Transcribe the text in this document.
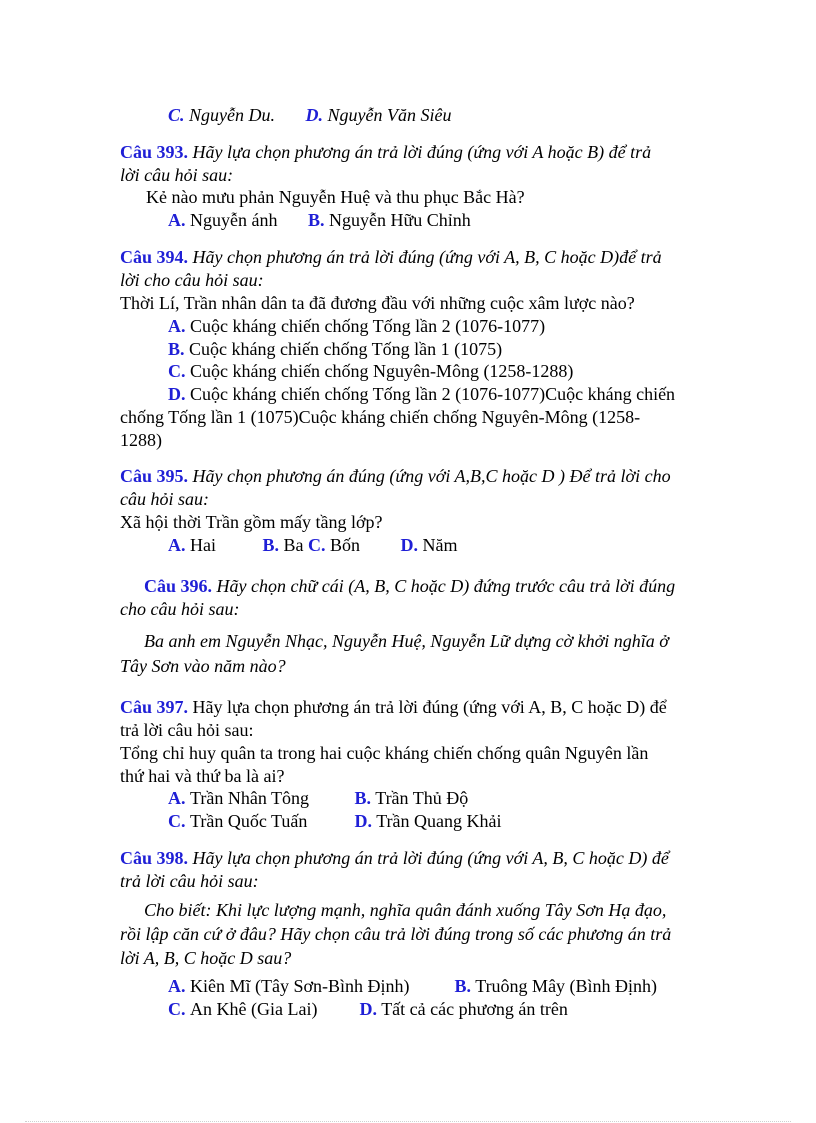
C. Nguyễn Du. D. Nguyễn Văn Siêu
Câu 393. Hãy lựa chọn phương án trả lời đúng (ứng với A hoặc B) để trả
lời câu hỏi sau:
Kẻ nào mưu phản Nguyễn Huệ và thu phục Bắc Hà?
A. Nguyễn ánh B. Nguyễn Hữu Chỉnh
Câu 394. Hãy chọn phương án trả lời đúng (ứng với A, B, C hoặc D)để trả
lời cho câu hỏi sau:
Thời Lí, Trần nhân dân ta đã đương đầu với những cuộc xâm lược nào?
A. Cuộc kháng chiến chống Tống lần 2 (1076-1077)
B. Cuộc kháng chiến chống Tống lần 1 (1075)
C. Cuộc kháng chiến chống Nguyên-Mông (1258-1288)
D. Cuộc kháng chiến chống Tống lần 2 (1076-1077)Cuộc kháng chiến
chống Tống lần 1 (1075)Cuộc kháng chiến chống Nguyên-Mông (1258-
1288)
Câu 395. Hãy chọn phương án đúng (ứng với A,B,C hoặc D ) Để trả lời cho
câu hỏi sau:
Xã hội thời Trần gồm mấy tầng lớp?
A. Hai	B. Ba C. Bốn D. Năm
Câu 396. Hãy chọn chữ cái (A, B, C hoặc D) đứng trước câu trả lời đúng
cho câu hỏi sau:
Ba anh em Nguyễn Nhạc, Nguyễn Huệ, Nguyễn Lữ dựng cờ khởi nghĩa ở
Tây Sơn vào năm nào?
Câu 397. Hãy lựa chọn phương án trả lời đúng (ứng với A, B, C hoặc D) để
trả lời câu hỏi sau:
Tổng chỉ huy quân ta trong hai cuộc kháng chiến chống quân Nguyên lần
thứ hai và thứ ba là ai?
A. Trần Nhân Tông	B. Trần Thủ Độ
C. Trần Quốc Tuấn	D. Trần Quang Khải
Câu 398. Hãy lựa chọn phương án trả lời đúng (ứng với A, B, C hoặc D) để
trả lời câu hỏi sau:
Cho biết: Khi lực lượng mạnh, nghĩa quân đánh xuống Tây Sơn Hạ đạo,
rồi lập căn cứ ở đâu? Hãy chọn câu trả lời đúng trong số các phương án trả
lời A, B, C hoặc D sau?
A. Kiên Mĩ (Tây Sơn-Bình Định)	B. Truông Mây (Bình Định)
C. An Khê (Gia Lai) D. Tất cả các phương án trên
